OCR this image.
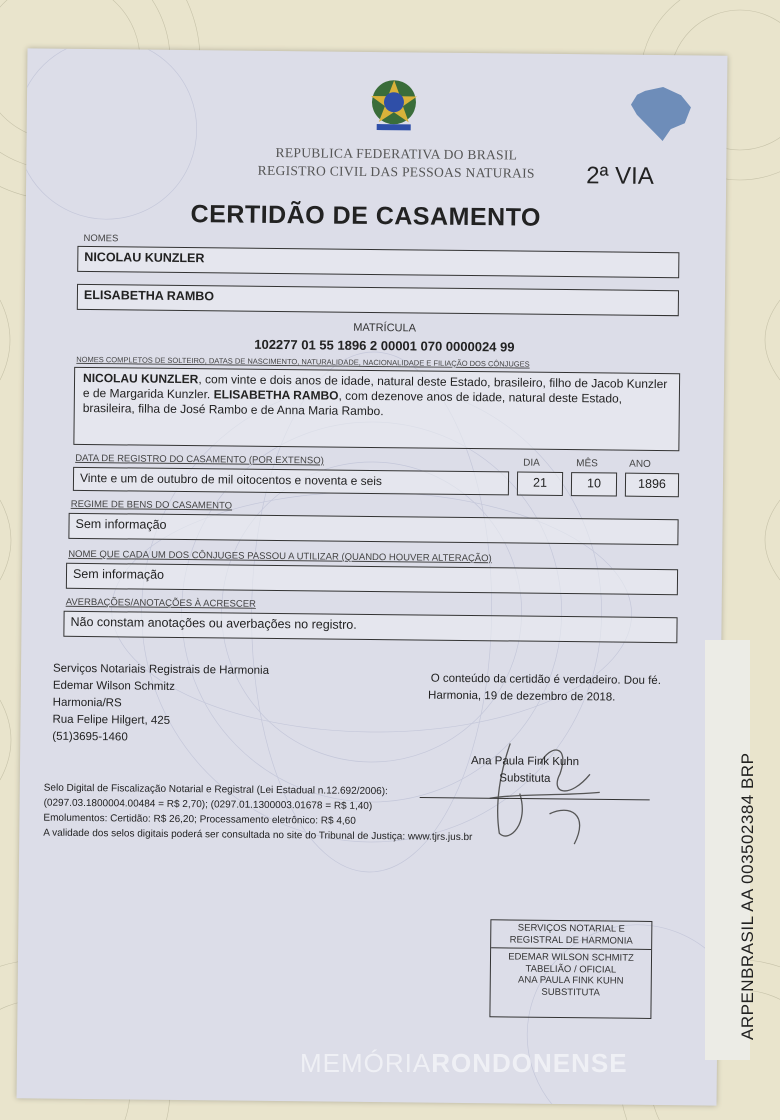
REPUBLICA FEDERATIVA DO BRASIL
REGISTRO CIVIL DAS PESSOAS NATURAIS	2ª VIA
CERTIDÃO DE CASAMENTO
NOMES
NICOLAU KUNZLER
ELISABETHA RAMBO
MATRÍCULA
102277 01 55 1896 2 00001 070 0000024 99
NOMES COMPLETOS DE SOLTEIRO, DATAS DE NASCIMENTO, NATURALIDADE, NACIONALIDADE E FILIAÇÃO DOS CÔNJUGES
NICOLAU KUNZLER, com vinte e dois anos de idade, natural deste Estado, brasileiro, filho de Jacob Kunzler e de Margarida Kunzler. ELISABETHA RAMBO, com dezenove anos de idade, natural deste Estado, brasileira, filha de José Rambo e de Anna Maria Rambo.
DATA DE REGISTRO DO CASAMENTO (POR EXTENSO)
Vinte e um de outubro de mil oitocentos e noventa e seis
DIA
21
MÊS
10
ANO
1896
REGIME DE BENS DO CASAMENTO
Sem informação
NOME QUE CADA UM DOS CÔNJUGES PASSOU A UTILIZAR (QUANDO HOUVER ALTERAÇÃO)
Sem informação
AVERBAÇÕES/ANOTAÇÕES À ACRESCER
Não constam anotações ou averbações no registro.
Serviços Notariais Registrais de Harmonia
Edemar Wilson Schmitz
Harmonia/RS
Rua Felipe Hilgert, 425
(51)3695-1460
O conteúdo da certidão é verdadeiro. Dou fé.
Harmonia, 19 de dezembro de 2018.
Ana Paula Fink Kuhn
Substituta
Selo Digital de Fiscalização Notarial e Registral (Lei Estadual n.12.692/2006):
(0297.03.1800004.00484 = R$ 2,70); (0297.01.1300003.01678 = R$ 1,40)
Emolumentos: Certidão: R$ 26,20; Processamento eletrônico: R$ 4,60
A validade dos selos digitais poderá ser consultada no site do Tribunal de Justiça: www.tjrs.jus.br
SERVIÇOS NOTARIAL E
REGISTRAL DE HARMONIA
EDEMAR WILSON SCHMITZ
TABELIÃO / OFICIAL
ANA PAULA FINK KUHN
SUBSTITUTA	ARPENBRASIL AA 003502384 BRP
MEMÓRIARONDONENSE
